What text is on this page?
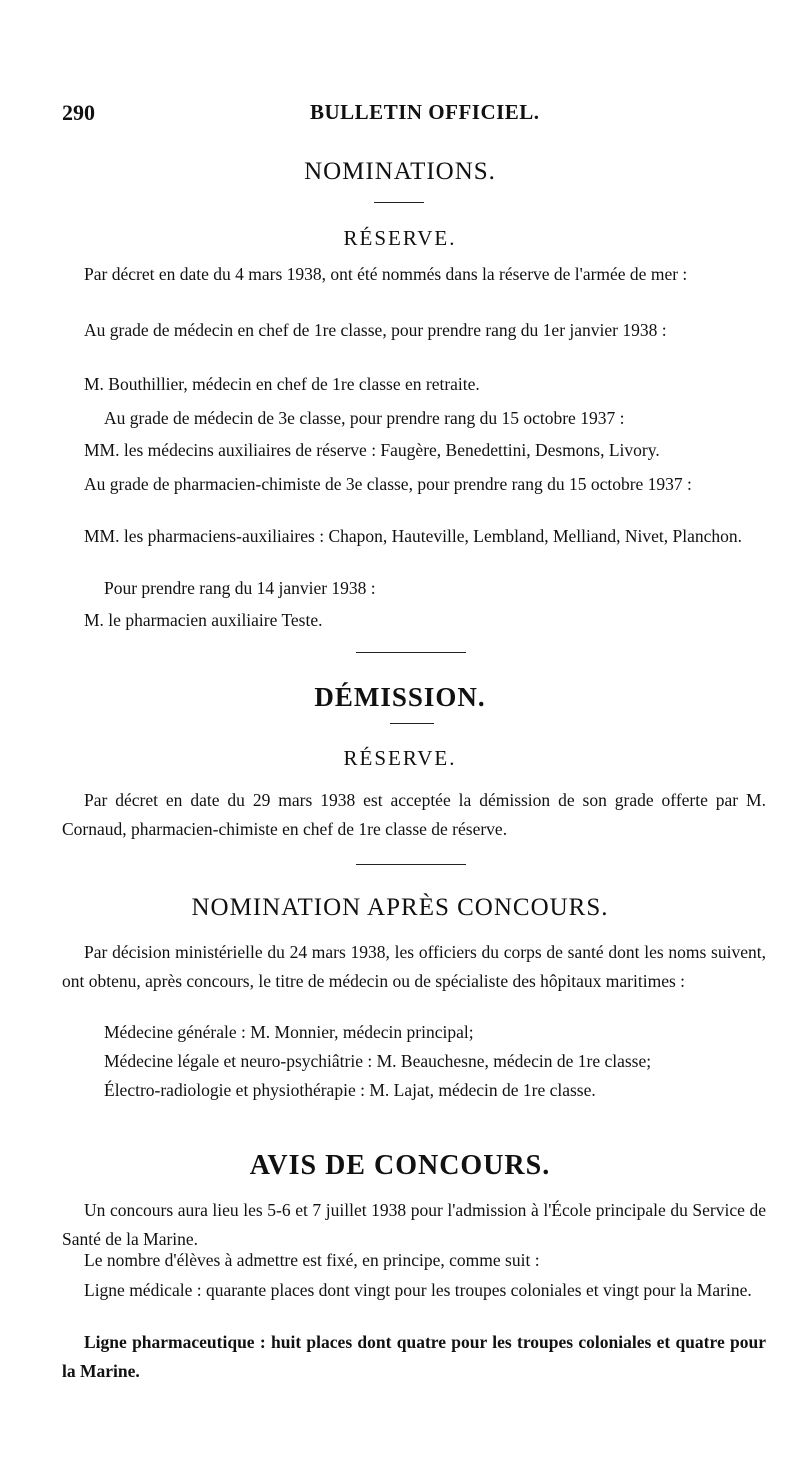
290	BULLETIN OFFICIEL.
NOMINATIONS.
RÉSERVE.
Par décret en date du 4 mars 1938, ont été nommés dans la réserve de l'armée de mer :
Au grade de médecin en chef de 1re classe, pour prendre rang du 1er janvier 1938 :
M. Bouthillier, médecin en chef de 1re classe en retraite.
Au grade de médecin de 3e classe, pour prendre rang du 15 octobre 1937 :
MM. les médecins auxiliaires de réserve : Faugère, Benedettini, Desmons, Livory.
Au grade de pharmacien-chimiste de 3e classe, pour prendre rang du 15 octobre 1937 :
MM. les pharmaciens-auxiliaires : Chapon, Hauteville, Lembland, Melliand, Nivet, Planchon.
Pour prendre rang du 14 janvier 1938 :
M. le pharmacien auxiliaire Teste.
DÉMISSION.
RÉSERVE.
Par décret en date du 29 mars 1938 est acceptée la démission de son grade offerte par M. Cornaud, pharmacien-chimiste en chef de 1re classe de réserve.
NOMINATION APRÈS CONCOURS.
Par décision ministérielle du 24 mars 1938, les officiers du corps de santé dont les noms suivent, ont obtenu, après concours, le titre de médecin ou de spécialiste des hôpitaux maritimes :
Médecine générale : M. Monnier, médecin principal;
Médecine légale et neuro-psychiâtrie : M. Beauchesne, médecin de 1re classe;
Électro-radiologie et physiothérapie : M. Lajat, médecin de 1re classe.
AVIS DE CONCOURS.
Un concours aura lieu les 5-6 et 7 juillet 1938 pour l'admission à l'École principale du Service de Santé de la Marine.
Le nombre d'élèves à admettre est fixé, en principe, comme suit :
Ligne médicale : quarante places dont vingt pour les troupes coloniales et vingt pour la Marine.
Ligne pharmaceutique : huit places dont quatre pour les troupes coloniales et quatre pour la Marine.
